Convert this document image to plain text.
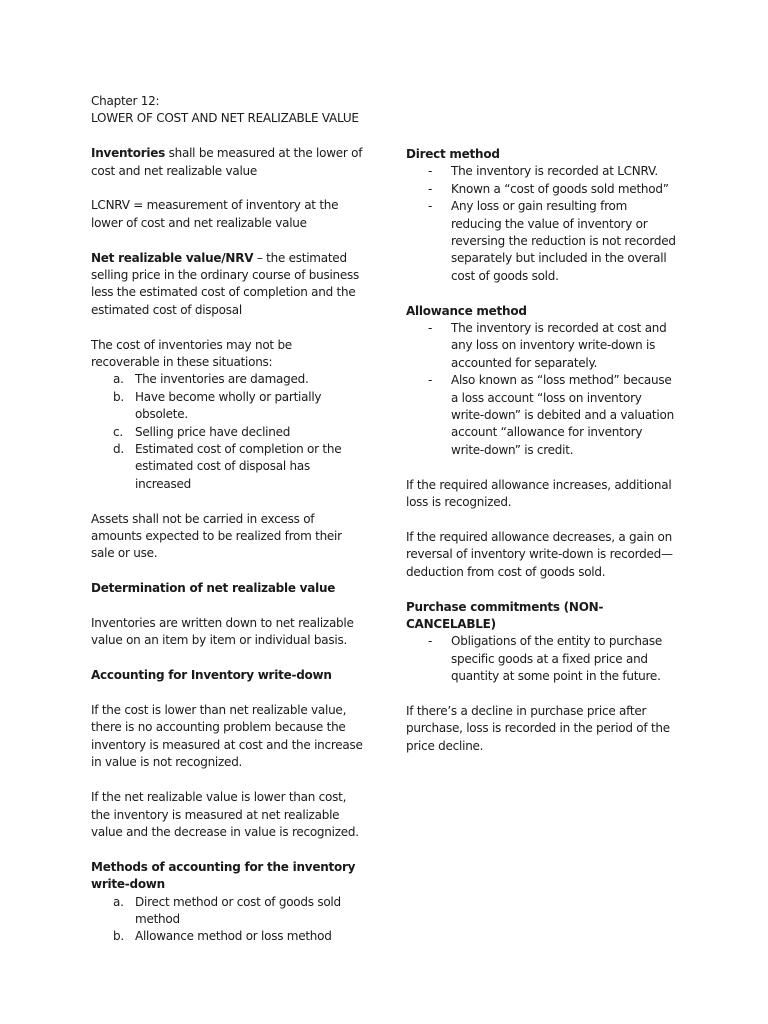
Chapter 12:

LOWER OF COST AND NET REALIZABLE VALUE

Inventories shall be measured at the lower of cost and net realizable value

LCNRV = measurement of inventory at the lower of cost and net realizable value

Net realizable value/NRV – the estimated selling price in the ordinary course of business less the estimated cost of completion and the estimated cost of disposal

The cost of inventories may not be recoverable in these situations:

a. The inventories are damaged.
b. Have become wholly or partially obsolete.
c. Selling price have declined
d. Estimated cost of completion or the estimated cost of disposal has increased

Assets shall not be carried in excess of amounts expected to be realized from their sale or use.

Determination of net realizable value

Inventories are written down to net realizable value on an item by item or individual basis.

Accounting for Inventory write-down

If the cost is lower than net realizable value, there is no accounting problem because the inventory is measured at cost and the increase in value is not recognized.

If the net realizable value is lower than cost, the inventory is measured at net realizable value and the decrease in value is recognized.

Methods of accounting for the inventory write-down

a. Direct method or cost of goods sold method
b. Allowance method or loss method

Direct method

- The inventory is recorded at LCNRV.
- Known a “cost of goods sold method”
- Any loss or gain resulting from reducing the value of inventory or reversing the reduction is not recorded separately but included in the overall cost of goods sold.

Allowance method

- The inventory is recorded at cost and any loss on inventory write-down is accounted for separately.
- Also known as “loss method” because a loss account “loss on inventory write-down” is debited and a valuation account “allowance for inventory write-down” is credit.

If the required allowance increases, additional loss is recognized.

If the required allowance decreases, a gain on reversal of inventory write-down is recorded—deduction from cost of goods sold.

Purchase commitments (NON-CANCELABLE)

- Obligations of the entity to purchase specific goods at a fixed price and quantity at some point in the future.

If there’s a decline in purchase price after purchase, loss is recorded in the period of the price decline.
